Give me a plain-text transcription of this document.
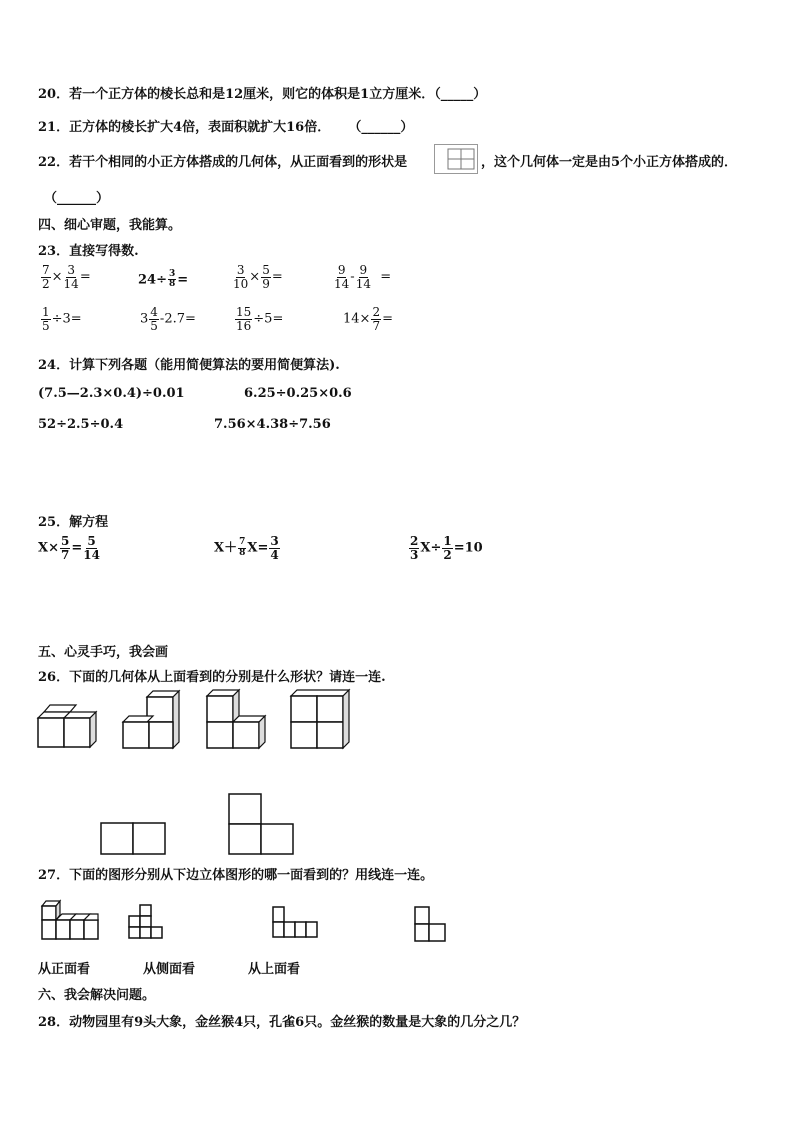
20．若一个正方体的棱长总和是12厘米，则它的体积是1立方厘米．（_____）
21．正方体的棱长扩大4倍，表面积就扩大16倍． （______）
22．若干个相同的小正方体搭成的几何体，从正面看到的形状是	，这个几何体一定是由5个小正方体搭成的．
（______）
四、细心审题，我能算。
23．直接写得数.
$\frac{7}{2} \times \frac{3}{14}$ =	$24\div \frac{3}{8}$ =	$\frac{3}{10} \times \frac{5}{9}$ =	$\frac{9}{14} - \frac{9}{14}$ =
$\frac{1}{5} \div 3=$	$3 \frac{4}{5} -2.7=$	$\frac{15}{16} \div 5=$	$14\times \frac{2}{7}$ =
24．计算下列各题（能用简便算法的要用简便算法).
(7.5—2.3×0.4)÷0.01	6.25÷0.25×0.6
52÷2.5÷0.4	7.56×4.38÷7.56
25．解方程
$X\times \frac{5}{7} = \frac{5}{14}$	$X+ \frac{7}{8} X= \frac{3}{4}$	$\frac{2}{3} X\div \frac{1}{2} =10$
五、心灵手巧，我会画
26．下面的几何体从上面看到的分别是什么形状？请连一连.
27．下面的图形分别从下边立体图形的哪一面看到的？用线连一连。
从正面看	从侧面看	从上面看
六、我会解决问题。
28．动物园里有9头大象，金丝猴4只，孔雀6只。金丝猴的数量是大象的几分之几？
